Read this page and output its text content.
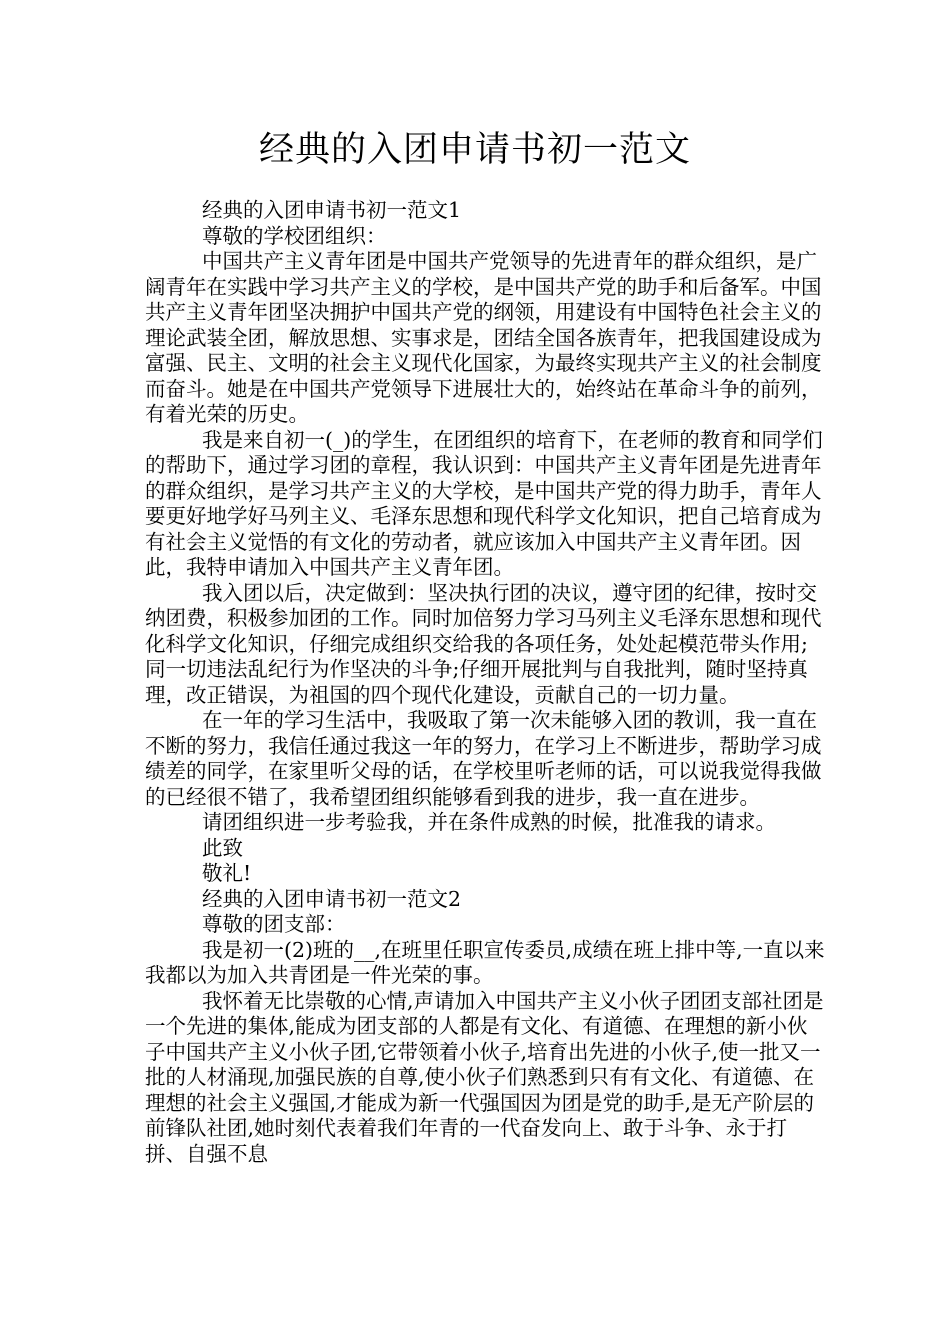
经典的入团申请书初一范文

经典的入团申请书初一范文1

尊敬的学校团组织：

中国共产主义青年团是中国共产党领导的先进青年的群众组织，是广阔青年在实践中学习共产主义的学校，是中国共产党的助手和后备军。中国共产主义青年团坚决拥护中国共产党的纲领，用建设有中国特色社会主义的理论武装全团，解放思想、实事求是，团结全国各族青年，把我国建设成为富强、民主、文明的社会主义现代化国家，为最终实现共产主义的社会制度而奋斗。她是在中国共产党领导下进展壮大的，始终站在革命斗争的前列，有着光荣的历史。

我是来自初一(_)的学生，在团组织的培育下，在老师的教育和同学们的帮助下，通过学习团的章程，我认识到：中国共产主义青年团是先进青年的群众组织，是学习共产主义的大学校，是中国共产党的得力助手，青年人要更好地学好马列主义、毛泽东思想和现代科学文化知识，把自己培育成为有社会主义觉悟的有文化的劳动者，就应该加入中国共产主义青年团。因此，我特申请加入中国共产主义青年团。

我入团以后，决定做到：坚决执行团的决议，遵守团的纪律，按时交纳团费，积极参加团的工作。同时加倍努力学习马列主义毛泽东思想和现代化科学文化知识，仔细完成组织交给我的各项任务，处处起模范带头作用;同一切违法乱纪行为作坚决的斗争;仔细开展批判与自我批判，随时坚持真理，改正错误，为祖国的四个现代化建设，贡献自己的一切力量。

在一年的学习生活中，我吸取了第一次未能够入团的教训，我一直在不断的努力，我信任通过我这一年的努力，在学习上不断进步，帮助学习成绩差的同学，在家里听父母的话，在学校里听老师的话，可以说我觉得我做的已经很不错了，我希望团组织能够看到我的进步，我一直在进步。

请团组织进一步考验我，并在条件成熟的时候，批准我的请求。

此致

敬礼!

经典的入团申请书初一范文2

尊敬的团支部：

我是初一(2)班的__,在班里任职宣传委员,成绩在班上排中等,一直以来我都以为加入共青团是一件光荣的事。

我怀着无比崇敬的心情,声请加入中国共产主义小伙子团团支部社团是一个先进的集体,能成为团支部的人都是有文化、有道德、在理想的新小伙子中国共产主义小伙子团,它带领着小伙子,培育出先进的小伙子,使一批又一批的人材涌现,加强民族的自尊,使小伙子们熟悉到只有有文化、有道德、在理想的社会主义强国,才能成为新一代强国因为团是党的助手,是无产阶层的前锋队社团,她时刻代表着我们年青的一代奋发向上、敢于斗争、永于打拼、自强不息
